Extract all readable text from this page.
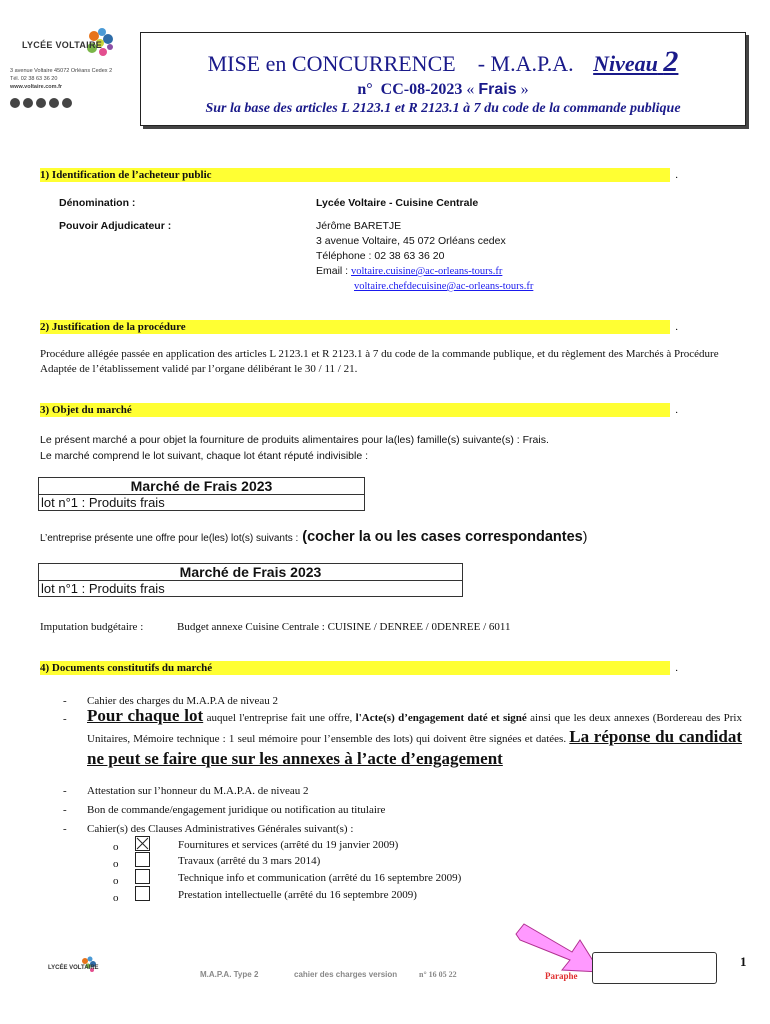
LYCÉE VOLTAIRE
3 avenue Voltaire 45072 Orléans Cedex 2
Tél. 02 38 63 36 20
www.voltaire.com.fr
MISE en CONCURRENCE - M.A.P.A. Niveau 2
n° CC-08-2023 « Frais »
Sur la base des articles L 2123.1 et R 2123.1 à 7 du code de la commande publique
1) Identification de l’acheteur public	.
Dénomination :	Lycée Voltaire - Cuisine Centrale
Pouvoir Adjudicateur :	Jérôme BARETJE
3 avenue Voltaire, 45 072 Orléans cedex
Téléphone : 02 38 63 36 20
Email : voltaire.cuisine@ac-orleans-tours.fr
voltaire.chefdecuisine@ac-orleans-tours.fr
2) Justification de la procédure	.
Procédure allégée passée en application des articles L 2123.1 et R 2123.1 à 7 du code de la commande publique, et du règlement des Marchés à Procédure Adaptée de l’établissement validé par l’organe délibérant le 30 / 11 / 21.
3) Objet du marché	.
Le présent marché a pour objet la fourniture de produits alimentaires pour la(les) famille(s) suivante(s) : Frais.
Le marché comprend le lot suivant, chaque lot étant réputé indivisible :
Marché de Frais 2023
lot n°1 : Produits frais
L’entreprise présente une offre pour le(les) lot(s) suivants : (cocher la ou les cases correspondantes)
Marché de Frais 2023
lot n°1 : Produits frais
Imputation budgétaire :	Budget annexe Cuisine Centrale : CUISINE / DENREE / 0DENREE / 6011
4) Documents constitutifs du marché	.
- Cahier des charges du M.A.P.A de niveau 2
- Pour chaque lot auquel l'entreprise fait une offre, l'Acte(s) d’engagement daté et signé ainsi que les deux annexes (Bordereau des Prix Unitaires, Mémoire technique : 1 seul mémoire pour l’ensemble des lots) qui doivent être signées et datées. La réponse du candidat ne peut se faire que sur les annexes à l’acte d’engagement
- Attestation sur l’honneur du M.A.P.A. de niveau 2
- Bon de commande/engagement juridique ou notification au titulaire
- Cahier(s) des Clauses Administratives Générales suivant(s) :
o	Fournitures et services (arrêté du 19 janvier 2009)
o	Travaux (arrêté du 3 mars 2014)
o	Technique info et communication (arrêté du 16 septembre 2009)
o	Prestation intellectuelle (arrêté du 16 septembre 2009)
LYCÉE VOLTAIRE
M.A.P.A. Type 2	cahier des charges version	n° 16 05 22	Paraphe
1
